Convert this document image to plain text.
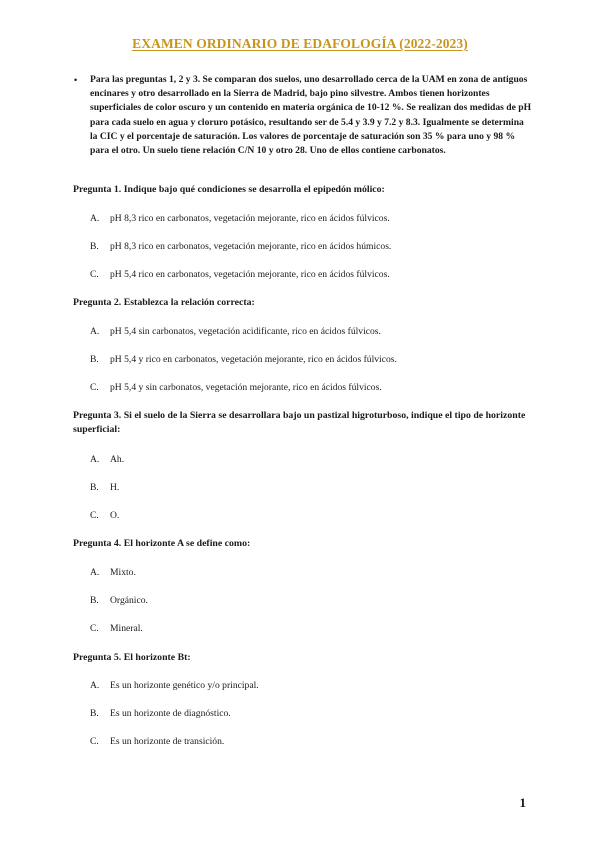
EXAMEN ORDINARIO DE EDAFOLOGÍA (2022-2023)
• Para las preguntas 1, 2 y 3. Se comparan dos suelos, uno desarrollado cerca de la UAM en zona de antiguos encinares y otro desarrollado en la Sierra de Madrid, bajo pino silvestre. Ambos tienen horizontes superficiales de color oscuro y un contenido en materia orgánica de 10-12 %. Se realizan dos medidas de pH para cada suelo en agua y cloruro potásico, resultando ser de 5.4 y 3.9 y 7.2 y 8.3. Igualmente se determina la CIC y el porcentaje de saturación. Los valores de porcentaje de saturación son 35 % para uno y 98 % para el otro. Un suelo tiene relación C/N 10 y otro 28. Uno de ellos contiene carbonatos.
Pregunta 1. Indique bajo qué condiciones se desarrolla el epipedón mólico:
A. pH 8,3 rico en carbonatos, vegetación mejorante, rico en ácidos fúlvicos.
B. pH 8,3 rico en carbonatos, vegetación mejorante, rico en ácidos húmicos.
C. pH 5,4 rico en carbonatos, vegetación mejorante, rico en ácidos fúlvicos.
Pregunta 2. Establezca la relación correcta:
A. pH 5,4 sin carbonatos, vegetación acidificante, rico en ácidos fúlvicos.
B. pH 5,4 y rico en carbonatos, vegetación mejorante, rico en ácidos fúlvicos.
C. pH 5,4 y sin carbonatos, vegetación mejorante, rico en ácidos fúlvicos.
Pregunta 3. Si el suelo de la Sierra se desarrollara bajo un pastizal higroturboso, indique el tipo de horizonte superficial:
A. Ah.
B. H.
C. O.
Pregunta 4. El horizonte A se define como:
A. Mixto.
B. Orgánico.
C. Mineral.
Pregunta 5. El horizonte Bt:
A. Es un horizonte genético y/o principal.
B. Es un horizonte de diagnóstico.
C. Es un horizonte de transición.
1
